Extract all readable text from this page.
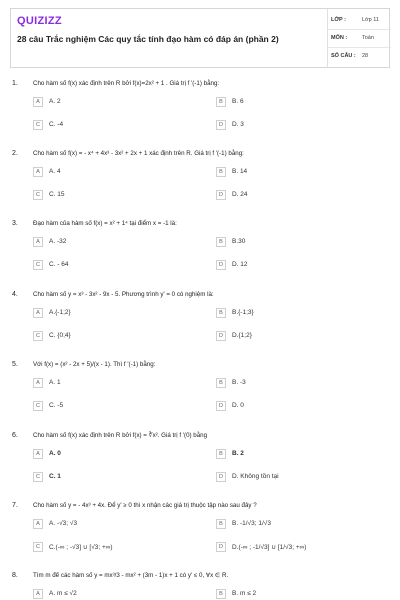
QUIZIZZ
28 câu Trắc nghiệm Các quy tắc tính đạo hàm có đáp án (phần 2)
LỚP :	Lớp 11
MÔN :	Toán
SỐ CÂU : 28
1. Cho hàm số f(x) xác định trên R bởi f(x)=2x² + 1 . Giá trị f '(-1) bằng:
A	A. 2	B	B. 6
C	C. -4	D	D. 3
2. Cho hàm số f(x) = - x⁴ + 4x³ - 3x² + 2x + 1 xác định trên R. Giá trị f '(-1) bằng:
A	A. 4	B	B. 14
C	C. 15	D	D. 24
3. Đạo hàm của hàm số f(x) = x² + 1⁴ tại điểm x = -1 là:
A	A. -32	B	B.30
C	C. - 64	D	D. 12
4. Cho hàm số y = x³ - 3x² - 9x - 5. Phương trình y' = 0 có nghiệm là:
A	A.{-1;2}	B	B.{-1;3}
C	C. {0;4}	D	D.{1;2}
5. Với f(x) = (x² - 2x + 5)/(x - 1). Thì f '(-1) bằng:
A	A. 1	B	B. -3
C	C. -5	D	D. 0
6. Cho hàm số f(x) xác định trên R bởi f(x) = ∛x². Giá trị f '(0) bằng
A	A. 0	B	B. 2
C	C. 1	D	D. Không tồn tại
7. Cho hàm số y = - 4x³ + 4x. Để y' ≥ 0 thì x nhận các giá trị thuộc tập nào sau đây ?
A	A. -√3; √3	B	B. -1/√3; 1/√3
C	C.(-∞ ; -√3] ∪ [√3; +∞)	D	D.(-∞ ; -1/√3] ∪ [1/√3; +∞)
8. Tìm m để các hàm số y = mx³/3 - mx² + (3m - 1)x + 1 có y' ≤ 0, ∀x ∈ R.
A	A. m ≤ √2	B	B. m ≤ 2
